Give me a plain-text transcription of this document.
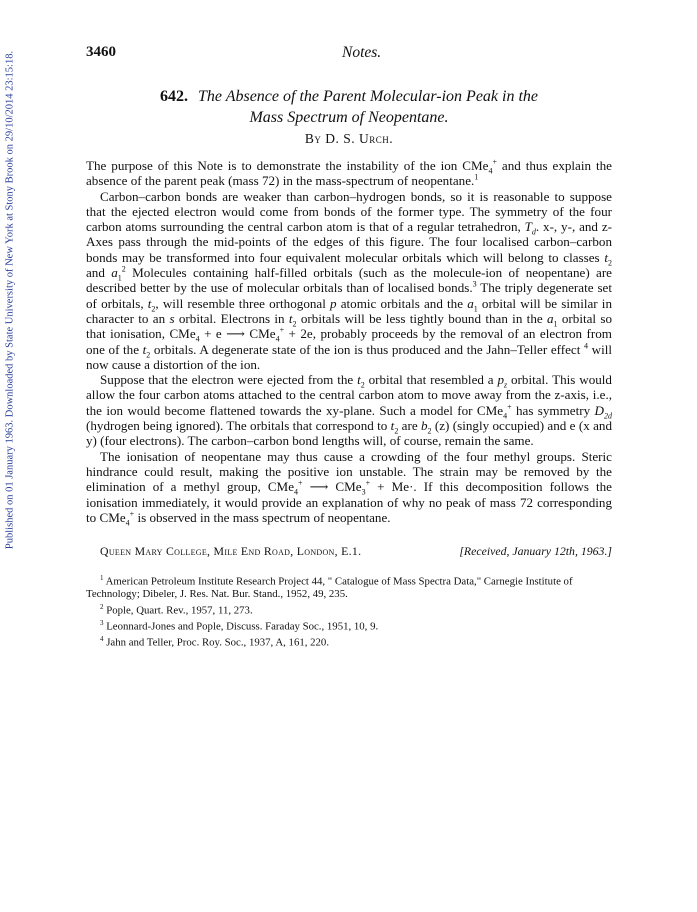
Published on 01 January 1963. Downloaded by State University of New York at Stony Brook on 29/10/2014 23:15:18.	3460	Notes.
642. The Absence of the Parent Molecular-ion Peak in the
Mass Spectrum of Neopentane.
By D. S. Urch.

The purpose of this Note is to demonstrate the instability of the ion CMe$_4$+ and thus explain the absence of the parent peak (mass 72) in the mass-spectrum of neopentane.$^1$

Carbon–carbon bonds are weaker than carbon–hydrogen bonds, so it is reasonable to suppose that the ejected electron would come from bonds of the former type. The symmetry of the four carbon atoms surrounding the central carbon atom is that of a regular tetrahedron, $T_d$. x-, y-, and z-Axes pass through the mid-points of the edges of this figure. The four localised carbon–carbon bonds may be transformed into four equivalent molecular orbitals which will belong to classes $t_2$ and $a_1^2$ Molecules containing half-filled orbitals (such as the molecule-ion of neopentane) are described better by the use of molecular orbitals than of localised bonds.$^3$ The triply degenerate set of orbitals, $t_2$, will resemble three orthogonal p atomic orbitals and the $a_1$ orbital will be similar in character to an s orbital. Electrons in $t_2$ orbitals will be less tightly bound than in the $a_1$ orbital so that ionisation, CMe$_4$ + e ⟶ CMe$_4$+ + 2e, probably proceeds by the removal of an electron from one of the $t_2$ orbitals. A degenerate state of the ion is thus produced and the Jahn–Teller effect $^4$ will now cause a distortion of the ion.

Suppose that the electron were ejected from the $t_2$ orbital that resembled a $p_z$ orbital. This would allow the four carbon atoms attached to the central carbon atom to move away from the z-axis, i.e., the ion would become flattened towards the xy-plane. Such a model for CMe$_4$+ has symmetry $D_{2d}$ (hydrogen being ignored). The orbitals that correspond to $t_2$ are $b_2$ (z) (singly occupied) and e (x and y) (four electrons). The carbon–carbon bond lengths will, of course, remain the same.

The ionisation of neopentane may thus cause a crowding of the four methyl groups. Steric hindrance could result, making the positive ion unstable. The strain may be removed by the elimination of a methyl group, CMe$_4$+ ⟶ CMe$_3$+ + Me·. If this decomposition follows the ionisation immediately, it would provide an explanation of why no peak of mass 72 corresponding to CMe$_4$+ is observed in the mass spectrum of neopentane.

Queen Mary College, Mile End Road, London, E.1.	[Received, January 12th, 1963.]

$^1$ American Petroleum Institute Research Project 44, " Catalogue of Mass Spectra Data," Carnegie Institute of Technology; Dibeler, J. Res. Nat. Bur. Stand., 1952, 49, 235.

$^2$ Pople, Quart. Rev., 1957, 11, 273.

$^3$ Leonnard-Jones and Pople, Discuss. Faraday Soc., 1951, 10, 9.

$^4$ Jahn and Teller, Proc. Roy. Soc., 1937, A, 161, 220.
